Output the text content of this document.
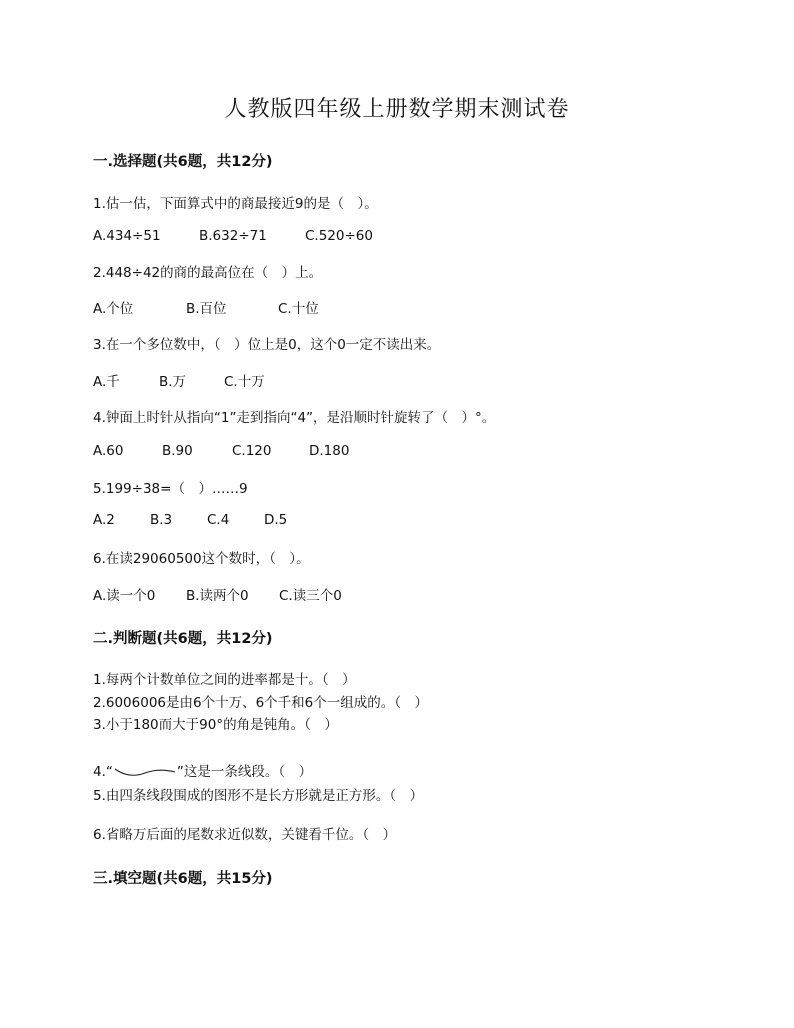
人教版四年级上册数学期末测试卷
一.选择题(共6题，共12分)
1.估一估，下面算式中的商最接近9的是（　）。
A.434÷51	B.632÷71	C.520÷60
2.448÷42的商的最高位在（　）上。
A.个位	B.百位	C.十位
3.在一个多位数中，（　）位上是0，这个0一定不读出来。
A.千	B.万	C.十万
4.钟面上时针从指向“1”走到指向“4”，是沿顺时针旋转了（　）°。
A.60	B.90	C.120	D.180
5.199÷38=（　）……9
A.2	B.3	C.4	D.5
6.在读29060500这个数时，（　）。
A.读一个0 B.读两个0 C.读三个0
二.判断题(共6题，共12分)
1.每两个计数单位之间的进率都是十。（　）
2.6006006是由6个十万、6个千和6个一组成的。（　）
3.小于180而大于90°的角是钝角。（　）
4.“	”这是一条线段。（　）
5.由四条线段围成的图形不是长方形就是正方形。（　）
6.省略万后面的尾数求近似数，关键看千位。（　）
三.填空题(共6题，共15分)
